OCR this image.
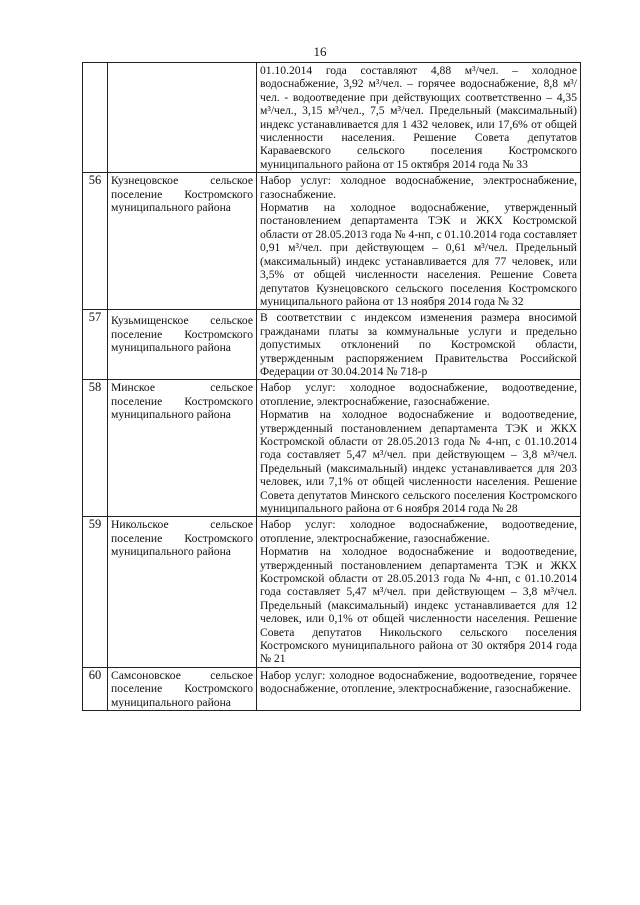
16

		01.10.2014 года составляют 4,88 м³/чел. – холодное водоснабжение, 3,92 м³/чел. – горячее водоснабжение, 8,8 м³/чел. - водоотведение при действующих соответственно – 4,35 м³/чел., 3,15 м³/чел., 7,5 м³/чел. Предельный (максимальный) индекс устанавливается для 1 432 человек, или 17,6% от общей численности населения. Решение Совета депутатов Караваевского сельского поселения Костромского муниципального района от 15 октября 2014 года № 33

56	Кузнецовское сельское поселение Костромского муниципального района	Набор услуг: холодное водоснабжение, электроснабжение, газоснабжение.

Норматив на холодное водоснабжение, утвержденный постановлением департамента ТЭК и ЖКХ Костромской области от 28.05.2013 года № 4-нп, с 01.10.2014 года составляет 0,91 м³/чел. при действующем – 0,61 м³/чел. Предельный (максимальный) индекс устанавливается для 77 человек, или 3,5% от общей численности населения. Решение Совета депутатов Кузнецовского сельского поселения Костромского муниципального района от 13 ноября 2014 года № 32

57	Кузьмищенское сельское поселение Костромского муниципального района	В соответствии с индексом изменения размера вносимой гражданами платы за коммунальные услуги и предельно допустимых отклонений по Костромской области, утвержденным распоряжением Правительства Российской Федерации от 30.04.2014 № 718-р

58	Минское сельское поселение Костромского муниципального района	Набор услуг: холодное водоснабжение, водоотведение, отопление, электроснабжение, газоснабжение.

Норматив на холодное водоснабжение и водоотведение, утвержденный постановлением департамента ТЭК и ЖКХ Костромской области от 28.05.2013 года № 4-нп, с 01.10.2014 года составляет 5,47 м³/чел. при действующем – 3,8 м³/чел. Предельный (максимальный) индекс устанавливается для 203 человек, или 7,1% от общей численности населения. Решение Совета депутатов Минского сельского поселения Костромского муниципального района от 6 ноября 2014 года № 28

59	Никольское сельское поселение Костромского муниципального района	Набор услуг: холодное водоснабжение, водоотведение, отопление, электроснабжение, газоснабжение.

Норматив на холодное водоснабжение и водоотведение, утвержденный постановлением департамента ТЭК и ЖКХ Костромской области от 28.05.2013 года № 4-нп, с 01.10.2014 года составляет 5,47 м³/чел. при действующем – 3,8 м³/чел. Предельный (максимальный) индекс устанавливается для 12 человек, или 0,1% от общей численности населения. Решение Совета депутатов Никольского сельского поселения Костромского муниципального района от 30 октября 2014 года № 21

60	Самсоновское сельское поселение Костромского муниципального района	Набор услуг: холодное водоснабжение, водоотведение, горячее водоснабжение, отопление, электроснабжение, газоснабжение.
